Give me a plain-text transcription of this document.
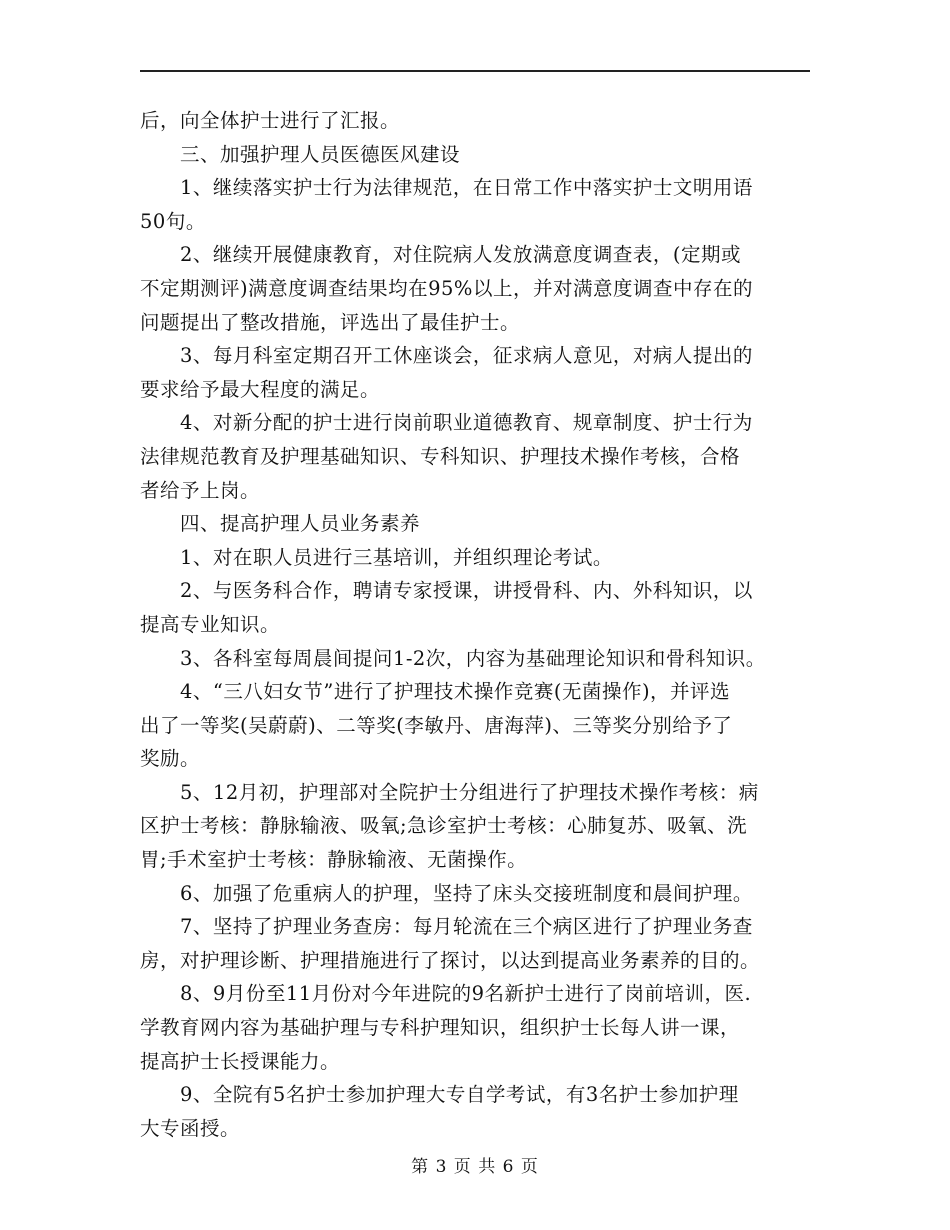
后，向全体护士进行了汇报。
三、加强护理人员医德医风建设
1、继续落实护士行为法律规范，在日常工作中落实护士文明用语
50句。
2、继续开展健康教育，对住院病人发放满意度调查表，(定期或
不定期测评)满意度调查结果均在95%以上，并对满意度调查中存在的
问题提出了整改措施，评选出了最佳护士。
3、每月科室定期召开工休座谈会，征求病人意见，对病人提出的
要求给予最大程度的满足。
4、对新分配的护士进行岗前职业道德教育、规章制度、护士行为
法律规范教育及护理基础知识、专科知识、护理技术操作考核，合格
者给予上岗。
四、提高护理人员业务素养
1、对在职人员进行三基培训，并组织理论考试。
2、与医务科合作，聘请专家授课，讲授骨科、内、外科知识，以
提高专业知识。
3、各科室每周晨间提问1-2次，内容为基础理论知识和骨科知识。
4、“三八妇女节”进行了护理技术操作竞赛(无菌操作)，并评选
出了一等奖(吴蔚蔚)、二等奖(李敏丹、唐海萍)、三等奖分别给予了
奖励。
5、12月初，护理部对全院护士分组进行了护理技术操作考核：病
区护士考核：静脉输液、吸氧;急诊室护士考核：心肺复苏、吸氧、洗
胃;手术室护士考核：静脉输液、无菌操作。
6、加强了危重病人的护理，坚持了床头交接班制度和晨间护理。
7、坚持了护理业务查房：每月轮流在三个病区进行了护理业务查
房，对护理诊断、护理措施进行了探讨，以达到提高业务素养的目的。
8、9月份至11月份对今年进院的9名新护士进行了岗前培训，医.
学教育网内容为基础护理与专科护理知识，组织护士长每人讲一课，
提高护士长授课能力。
9、全院有5名护士参加护理大专自学考试，有3名护士参加护理
大专函授。
第 3 页 共 6 页
